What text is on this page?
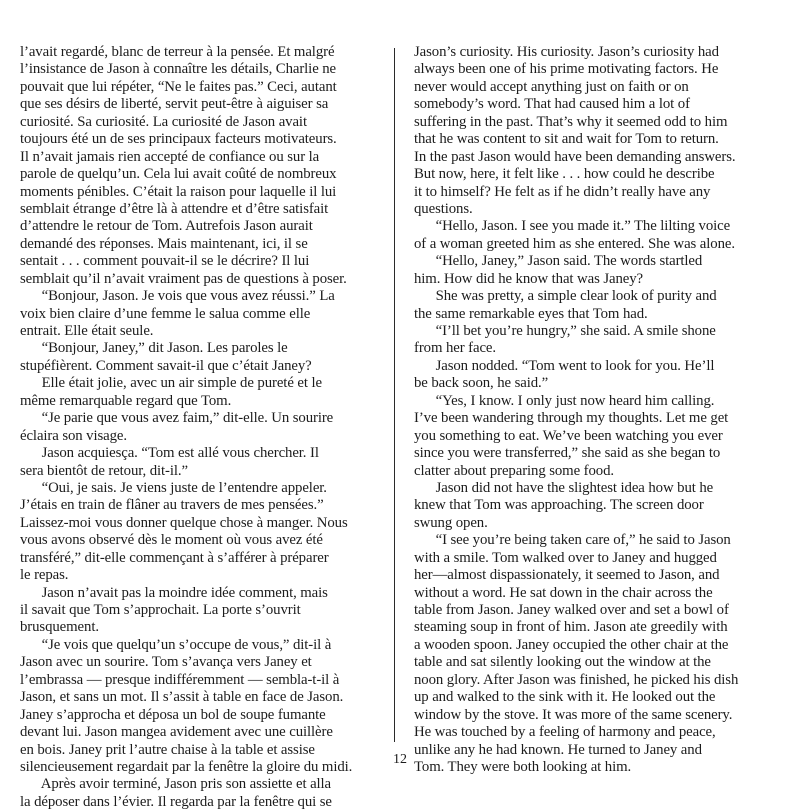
l’avait regardé, blanc de terreur à la pensée. Et malgré
l’insistance de Jason à connaître les détails, Charlie ne
pouvait que lui répéter, “Ne le faites pas.” Ceci, autant
que ses désirs de liberté, servit peut-être à aiguiser sa
curiosité. Sa curiosité. La curiosité de Jason avait
toujours été un de ses principaux facteurs motivateurs.
Il n’avait jamais rien accepté de confiance ou sur la
parole de quelqu’un. Cela lui avait coûté de nombreux
moments pénibles. C’était la raison pour laquelle il lui
semblait étrange d’être là à attendre et d’être satisfait
d’attendre le retour de Tom. Autrefois Jason aurait
demandé des réponses. Mais maintenant, ici, il se
sentait . . . comment pouvait-il se le décrire? Il lui
semblait qu’il n’avait vraiment pas de questions à poser.
“Bonjour, Jason. Je vois que vous avez réussi.” La
voix bien claire d’une femme le salua comme elle
entrait. Elle était seule.
“Bonjour, Janey,” dit Jason. Les paroles le
stupéfièrent. Comment savait-il que c’était Janey?
Elle était jolie, avec un air simple de pureté et le
même remarquable regard que Tom.
“Je parie que vous avez faim,” dit-elle. Un sourire
éclaira son visage.
Jason acquiesça. “Tom est allé vous chercher. Il
sera bientôt de retour, dit-il.”
“Oui, je sais. Je viens juste de l’entendre appeler.
J’étais en train de flâner au travers de mes pensées.”
Laissez-moi vous donner quelque chose à manger. Nous
vous avons observé dès le moment où vous avez été
transféré,” dit-elle commençant à s’afférer à préparer
le repas.
Jason n’avait pas la moindre idée comment, mais
il savait que Tom s’approchait. La porte s’ouvrit
brusquement.
“Je vois que quelqu’un s’occupe de vous,” dit-il à
Jason avec un sourire. Tom s’avança vers Janey et
l’embrassa — presque indifféremment — sembla-t-il à
Jason, et sans un mot. Il s’assit à table en face de Jason.
Janey s’approcha et déposa un bol de soupe fumante
devant lui. Jason mangea avidement avec une cuillère
en bois. Janey prit l’autre chaise à la table et assise
silencieusement regardait par la fenêtre la gloire du midi.
Après avoir terminé, Jason pris son assiette et alla
la déposer dans l’évier. Il regarda par la fenêtre qui se
Jason’s curiosity. His curiosity. Jason’s curiosity had
always been one of his prime motivating factors. He
never would accept anything just on faith or on
somebody’s word. That had caused him a lot of
suffering in the past. That’s why it seemed odd to him
that he was content to sit and wait for Tom to return.
In the past Jason would have been demanding answers.
But now, here, it felt like . . . how could he describe
it to himself? He felt as if he didn’t really have any
questions.
“Hello, Jason. I see you made it.” The lilting voice
of a woman greeted him as she entered. She was alone.
“Hello, Janey,” Jason said. The words startled
him. How did he know that was Janey?
She was pretty, a simple clear look of purity and
the same remarkable eyes that Tom had.
“I’ll bet you’re hungry,” she said. A smile shone
from her face.
Jason nodded. “Tom went to look for you. He’ll
be back soon, he said.”
“Yes, I know. I only just now heard him calling.
I’ve been wandering through my thoughts. Let me get
you something to eat. We’ve been watching you ever
since you were transferred,” she said as she began to
clatter about preparing some food.
Jason did not have the slightest idea how but he
knew that Tom was approaching. The screen door
swung open.
“I see you’re being taken care of,” he said to Jason
with a smile. Tom walked over to Janey and hugged
her—almost dispassionately, it seemed to Jason, and
without a word. He sat down in the chair across the
table from Jason. Janey walked over and set a bowl of
steaming soup in front of him. Jason ate greedily with
a wooden spoon. Janey occupied the other chair at the
table and sat silently looking out the window at the
noon glory. After Jason was finished, he picked his dish
up and walked to the sink with it. He looked out the
window by the stove. It was more of the same scenery.
He was touched by a feeling of harmony and peace,
unlike any he had known. He turned to Janey and
Tom. They were both looking at him.
12
